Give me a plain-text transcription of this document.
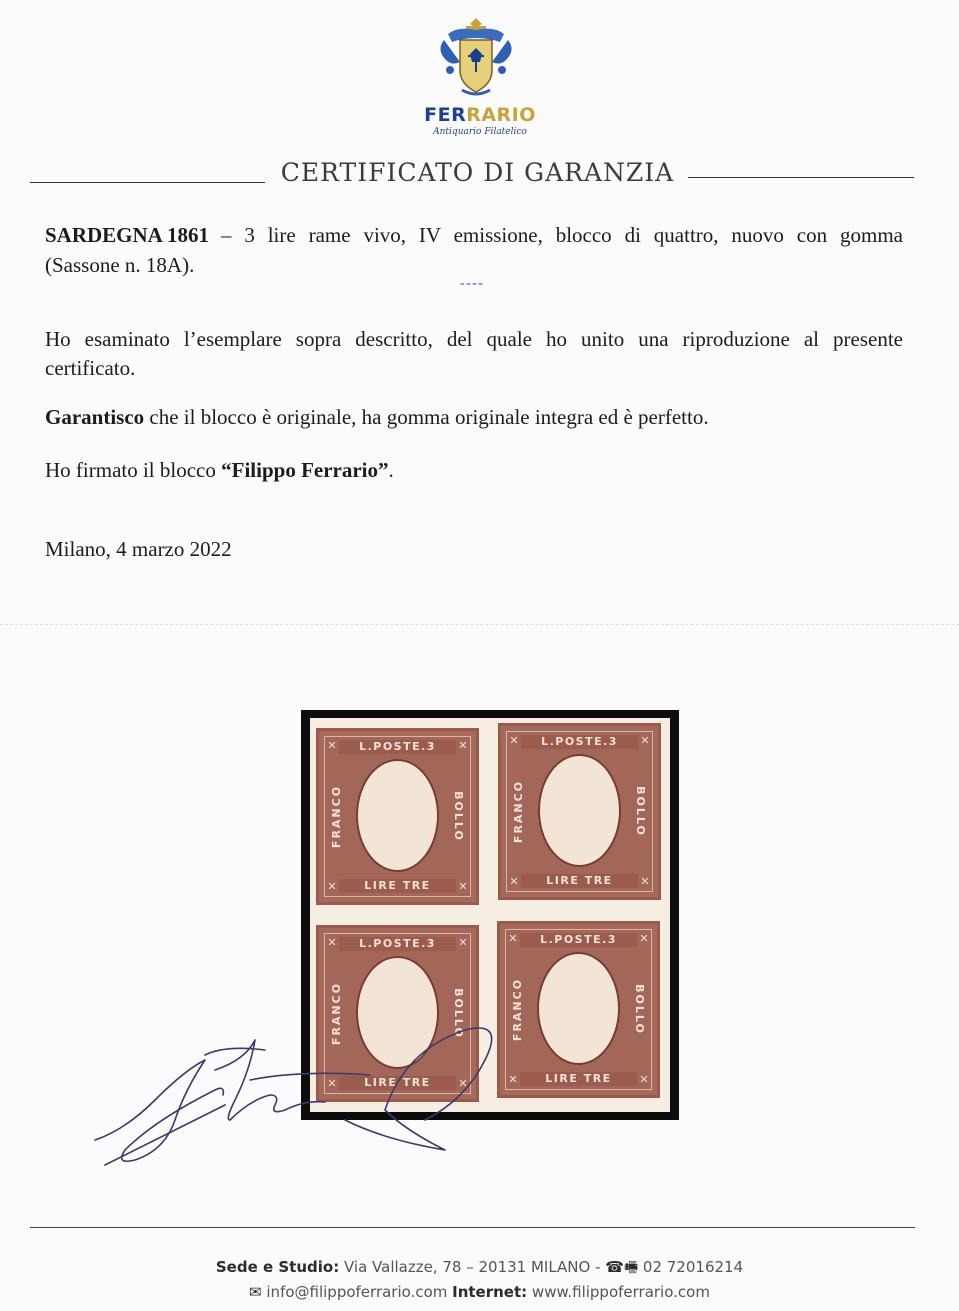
FERRARIO
Antiquario Filatelico
CERTIFICATO DI GARANZIA
SARDEGNA 1861 – 3 lire rame vivo, IV emissione, blocco di quattro, nuovo con gomma
(Sassone n. 18A).
----
Ho esaminato l’esemplare sopra descritto, del quale ho unito una riproduzione al presente
certificato.
Garantisco che il blocco è originale, ha gomma originale integra ed è perfetto.
Ho firmato il blocco “Filippo Ferrario”.
Milano, 4 marzo 2022
L.POSTE.3
LIRE TRE
FRANCO	BOLLO
✕	✕
✕	✕
L.POSTE.3
LIRE TRE
FRANCO	BOLLO
✕	✕
✕	✕
L.POSTE.3
LIRE TRE
FRANCO	BOLLO
✕	✕
✕	✕
L.POSTE.3
LIRE TRE
FRANCO	BOLLO
✕	✕
✕	✕
Sede e Studio: Via Vallazze, 78 – 20131 MILANO - ☎🖷 02 72016214
✉ info@filippoferrario.com Internet: www.filippoferrario.com
